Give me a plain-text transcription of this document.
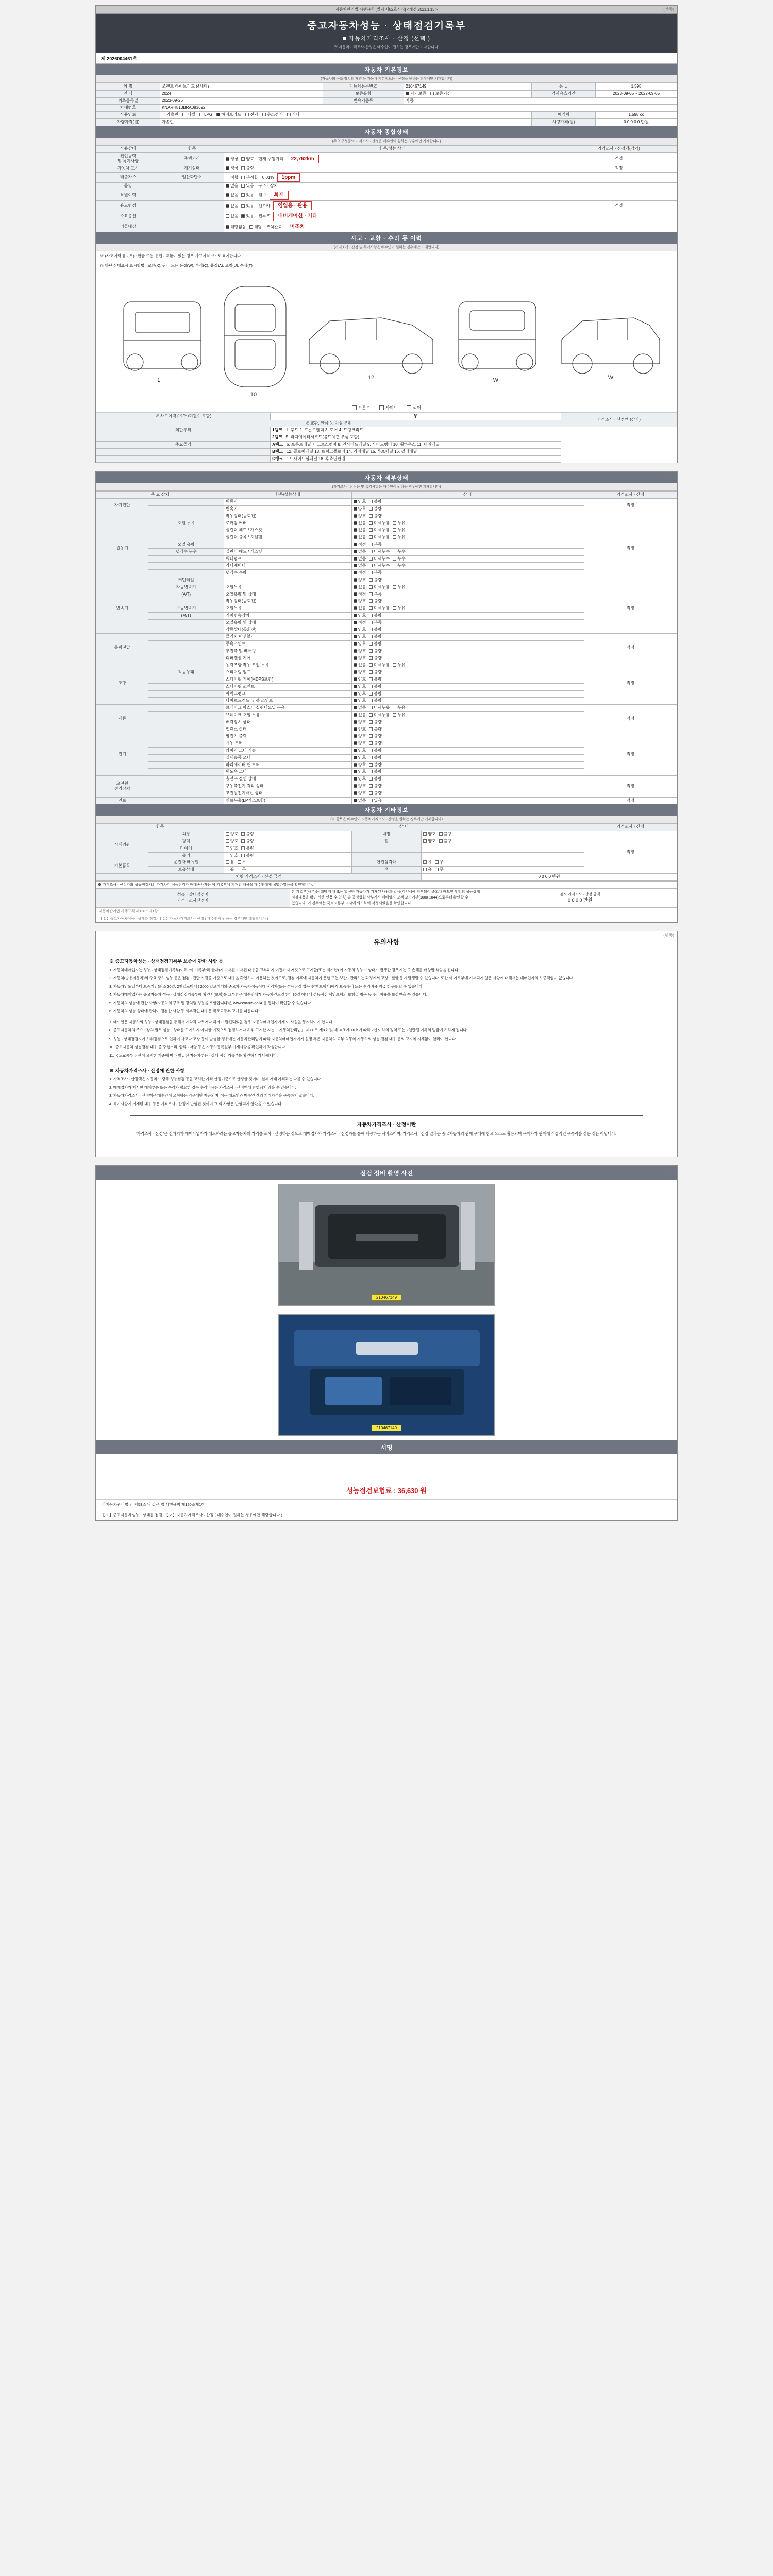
자동차관리법 시행규칙 [별지 제82호서식] <개정 2021.1.13.>	(앞쪽)
중고자동차성능 · 상태점검기록부
■ 자동차가격조사 · 산정 (선택 )
※ 자동차가격조사·산정은 매수인이 원하는 경우에만 기재합니다.
제 2026004461호
자동차 기본정보
(자동차의 구조·장치의 제원 등 자동차 기본정보는 · 산정을 원하는 경우에만 기재합니다)
차 명	쏘렌토 하이브리드 (4세대)	자동차등록번호	210467149	등 급	1,598
연 식	2024	보증유형	자가보증 보증기간	검사유효기간	2023-09-05 ~ 2027-09-05
최초등록일	2023-09-26	변속기종류	자동		
차대번호	KNARH813BRA083692				
사용연료	가솔린 디젤 LPG 하이브리드 전기 수소전기 기타			배기량	1,598 cc
차량가격(원)	가솔린			차량가격(원)	0 0 0 0 0 만원
자동차 종합상태
(주요 구성품의 가격조사 · 산정은 매수인이 원하는 경우에만 기재합니다)
사용상태	항목	항목/성능 상태	가격조사 · 산정액(감가)
견인능력
및 특기사항	주행거리	정상 양호 현재 주행거리 22,762km	적정
자동차 표시	계기상태	정상 불량	적정
배출가스	일산화탄소	적합 부적합 0.01% 1ppm	
튜닝		없음 있음 구조 · 장치	
특별이력		없음 있음 침수 화재	
용도변경		없음 있음 렌트카 영업용 · 관용	적정
주요옵션		없음 있음 썬루프 내비게이션 · 기타	
리콜대상		해당없음 해당 조치완료 미조치	
사고 · 교환 · 수리 등 이력
(가격조사 · 산정 및 특기사항은 매수인이 원하는 경우에만 기재합니다)
※ (사고이력 유 · 무) : 판금 또는 용접 · 교환이 있는 경우 사고이력 '유' 로 표기합니다.
※ 하단 상태표시 표시방법 : 교환(X), 판금 또는 용접(W), 부식(C), 흠집(A), 요철(U), 손상(T)
1
10
12	W	W
프론트	사이드	리어
※ 사고이력 (유/무/미필수 포함)	무	가격조사 · 산정액 (감가)
※ 교환, 판금 등 이상 부위		
외판부위	1랭크   1. 후드 2. 프론트휀더 3. 도어 4. 트렁크리드	
	2랭크   5. 라디에이터서포트(볼트체결 부품 포함)	
주요골격	A랭크   6. 프론트패널 7. 크로스멤버 8. 인사이드패널 9. 사이드멤버 10. 휠하우스 11. 대쉬패널	
	B랭크   12. 플로어패널 13. 트렁크플로어 14. 리어패널 15. 루프패널 16. 필러패널	
	C랭크   17. 사이드실패널 18. 후측면판넬	
(앞쪽)
자동차 세부상태
(가격조사 · 산정은 및 특기사항은 매수인이 원하는 경우에만 기재합니다)
주 요 장치		항목/성능상태	상 태	가격조사 · 산정
자기진단		원동기	양호 불량	적정
		변속기	양호 불량	
원동기		작동상태(공회전)	양호 불량	적정
	오일 누유	로커암 커버	없음 미세누유 누유	
		실린더 헤드 / 개스킷	없음 미세누유 누유	
		실린더 블록 / 오일팬	없음 미세누유 누유	
	오일 유량		적정 부족	
	냉각수 누수	실린더 헤드 / 개스킷	없음 미세누수 누수	
		워터펌프	없음 미세누수 누수	
		라디에이터	없음 미세누수 누수	
		냉각수 수량	적정 부족	
	커먼레일		양호 불량	
변속기	자동변속기	오일누유	없음 미세누유 누유	적정
	(A/T)	오일유량 및 상태	적정 부족	
		작동상태(공회전)	양호 불량	
	수동변속기	오일누유	없음 미세누유 누유	
	(M/T)	기어변속장치	양호 불량	
		오일유량 및 상태	적정 부족	
		작동상태(공회전)	양호 불량	
동력전달		클러치 어셈블리	양호 불량	적정
		등속조인트	양호 불량	
		추진축 및 베어링	양호 불량	
		디퍼렌셜 기어	양호 불량	
조향		동력조향 작동 오일 누유	없음 미세누유 누유	적정
	작동상태	스티어링 펌프	양호 불량	
		스티어링 기어(MDPS포함)	양호 불량	
		스티어링 조인트	양호 불량	
		파워크랭크	양호 불량	
		타이로드엔드 및 볼 조인트	양호 불량	
제동		브레이크 마스터 실린더오일 누유	없음 미세누유 누유	적정
		브레이크 오일 누유	없음 미세누유 누유	
		배력장치 상태	양호 불량	
		밸런스 상태	양호 불량	
전기		발전기 출력	양호 불량	적정
		시동 모터	양호 불량	
		와이퍼 모터 기능	양호 불량	
		실내송풍 모터	양호 불량	
		라디에이터 팬 모터	양호 불량	
		윈도우 모터	양호 불량	
고전원
전기장치		충전구 절연 상태	양호 불량	적정
		구동축전지 격리 상태	양호 불량	
		고전원전기배선 상태	양호 불량	
연료		연료누출(LP가스포함)	없음 있음	적정
자동차 기타정보
(※ 항목은 매수인이 자동차가격조사 · 산정을 원하는 경우에만 기재합니다)
항목		상 태			가격조사 · 산정
시내외관	외장	양호 불량	내장	양호 불량	적정
	광택	양호 불량	휠	양호 불량	
	타이어	양호 불량			
	유리	양호 불량			
기본품목	운전자 매뉴얼	유 무	안전삼각대	유 무	
	보유상태	유 무	잭	유 무	
차량 가격조사 · 산정 금액				0 0 0 0 만원	
※ 가격조사 · 산정자와 성능점검자의 가격차이 성능점검자 매매종사자는 이 기록부에 기재된 내용을 매수인에게 설명하였음을 확인합니다.

성능 · 상태점검자
가격 · 조사산정자
	본 기록부(사본)는 해당 매매 또는 알선한 자동차가 기재된 내용과 같음(계약서에 첨부되어 중고차 매도인 부터의 성능상태 점검내용을 확인 사용 인용 수 있음) 총 공정협회 남부지사 매매업자 고객 고가기관(1600-1044)으로부터 확인할 수 있습니다. 이 경우에는 국토교통부 고시에 의거하여 작성되었음을 확인합니다.	
검사 가격조사 · 산정 금액
0 0 0 0 만원
자동차관리법 시행규칙 제120조제1항
【 1 】중고자동차성능 · 상태를 점검, 【 2 】자동차가격조사 · 산정 ( 매수인이 원하는 경우에만 해당합니다 )
(뒷쪽)
유의사항
※ 중고자동차성능 · 상태점검기록부 보증에 관한 사항 등

1. 자동차매매업자는 성능 · 상태점검기록부(이하 "이 기록부"라 한다)에 기재된 기재된 내용을 교부하기 이전까지 거짓으로 고지할(또는 제시한) 이 자동차 성능기 상태가 발생한 경우에는 그 손해를 배상할 책임을 집니다.

2. 자동차(승용자동차)의 주요 장치 성능 등은 점검 · 진단 시점을 기준으로 내용을 확인하여 이용하는 것이므로, 점검 이후에 자동차가 운행 또는 보관 · 관리하는 과정에서 고장 · 결함 등이 발생할 수 있습니다. 또한 이 기록부에 기재되지 않은 사항에 대해서는 매매업자의 보증책임이 없습니다.

3. 자동차인도일부터 보증기간(최소 30일, 2천킬로미터 ) 2000 킬로미터와 중고차 자동차성능상태 점검자(또는 성능점검 업무 수행 보험사)에게 보증수리 또는 수리비용 지급 청구를 할 수 있습니다.

4. 자동차매매업자는 중고자동차 성능 · 상태점검기록부에 확인서(보험)를 교부받은 매수인에게 자동차인도일부터 30일 이내에 성능점검 책임보험의 보험금 청구 등 수리비용을 보상받을 수 있습니다.

5. 자동차의 성능에 관한 사항(자동차의 구조 및 장치별 성능을 포함합니다)은 www.car365.go.kr 를 통하여 확인할 수 있습니다.

6. 자동차의 성능 상태에 관하여 점검한 사항 등 세부적인 내용은 국토교통부 고시를 따릅니다.

7. 매수인은 자동차의 성능 · 상태점검을 통해서 계약과 다르거나 하자가 발견되었을 경우 자동차매매업자에게 이 사실을 통지하여야 합니다.

8. 중고자동차의 주요 · 장치 별로 성능 · 상태를 고지하지 아니한 거짓으로 점검하거나 허위 고지한 자는 「자동차관리법」 제 80조 제8호 및 제 81조제 10호에 따라 2년 이하의 징역 또는 2천만원 이하의 벌금에 처하게 됩니다.

9. 성능 · 상태점검자가 허위점검으로 인하여 사고나 고장 등이 발생한 경우에는 자동차관리법에 따라 자동차매매업자에게 설명 혹은 자동차의 교부 의무와 자동차의 성능 점검 내용 등의 고지와 지체없이 알려야 합니다.

10. 중고자동차 성능점검 내용 중 주행거리, 압류 · 저당 등은 자동차등록원부 기재사항을 확인하여 작성합니다.

11. 국토교통부 장관이 고시한 기준에 따라 발급된 자동차성능 · 상태 점검 기록부를 확인하시기 바랍니다.

※ 자동차가격조사 · 산정에 관한 사항

1. 가격조사 · 산정액은 자동차가 당해 성능점검 등을 고려한 가격 산정기준으로 산정한 것이며, 실제 거래 가격과는 다를 수 있습니다.

2. 매매업자가 제시한 대체부품 또는 수리가 필요한 경우 수리비용은 가격조사 · 산정액에 반영되지 않을 수 있습니다.

3. 자동차가격조사 · 산정액은 매수인이 요청하는 경우에만 제공되며, 이는 매도인과 매수인 간의 거래가격을 구속하지 않습니다.

4. 특기사항에 기재된 내용 등은 가격조사 · 산정에 반영된 것이며 그 외 사항은 반영되지 않았을 수 있습니다.

자동차가격조사 · 산정이란
"가격조사 · 산정"은 신차기가 매매사업자가 매도하려는 중고자동차의 가격을 조사 · 산정하는 것으로 매매업자가 가격조사 · 산정자를 통해 제공하는 서비스이며, 가격조사 · 산정 결과는 중고자동차의 판매 구매에 참고 요소로 활용되며 구매자가 판매에 직접적인 구속력을 갖는 것은 아닙니다.
(앞쪽)
점검 정비 촬영 사진
210467149
210467149
서명
성능점검보험료 : 36,630 원
「 자동차관리법 」 제58조 및 같은 법 시행규칙 제120조제1항
【 1 】중고자동차성능 · 상태를 점검, 【 2 】자동차가격조사 · 산정 ( 매수인이 원하는 경우에만 해당합니다 )
